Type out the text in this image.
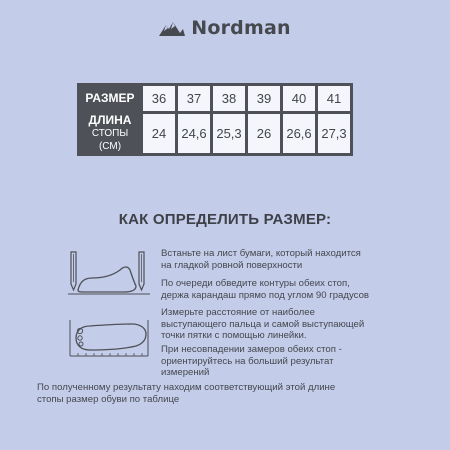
Nordman
РАЗМЕР	36	37	38	39	40	41

ДЛИНА
СТОПЫ (СМ)	24	24,6	25,3	26	26,6	27,3
КАК ОПРЕДЕЛИТЬ РАЗМЕР:
Встаньте на лист бумаги, который находится
на гладкой ровной поверхности
По очереди обведите контуры обеих стоп,
держа карандаш прямо под углом 90 градусов
Измерьте расстояние от наиболее
выступающего пальца и самой выступающей
точки пятки с помощью линейки.
При несовпадении замеров обеих стоп -
ориентируйтесь на больший результат
измерений
По полученному результату находим соответствующий этой длине
стопы размер обуви по таблице
